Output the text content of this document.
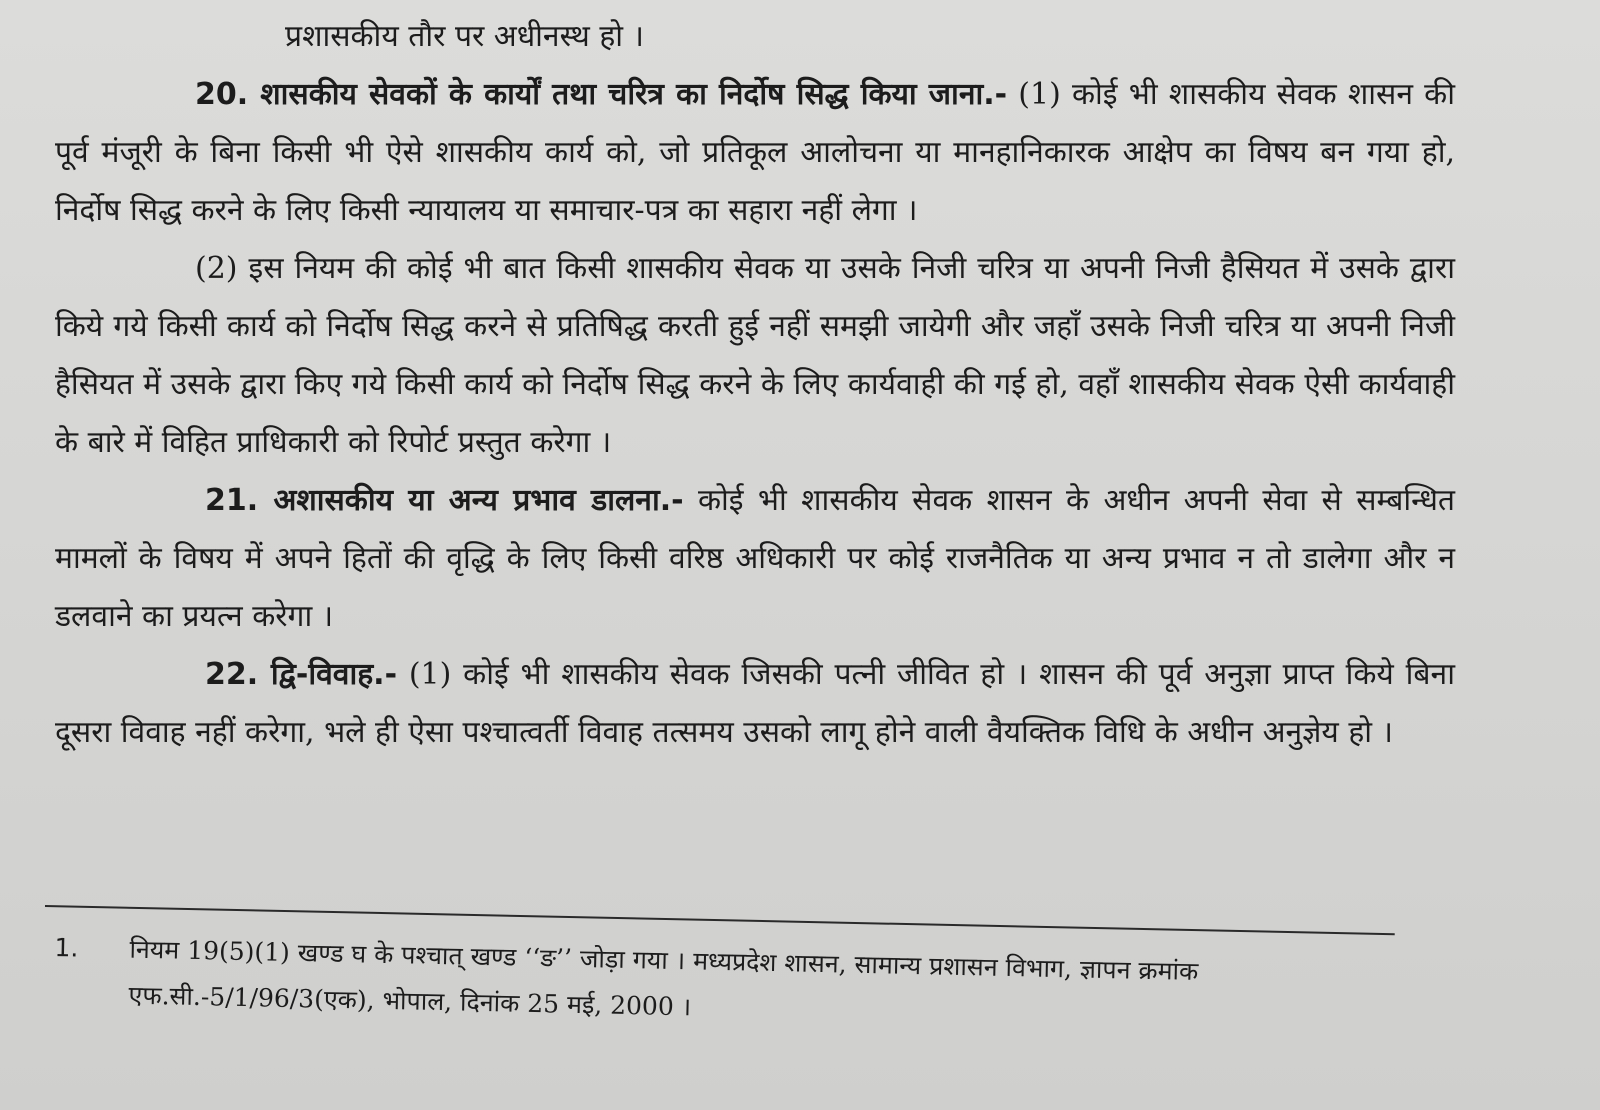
प्रशासकीय तौर पर अधीनस्थ हो ।

20. शासकीय सेवकों के कार्यों तथा चरित्र का निर्दोष सिद्ध किया जाना.- (1) कोई भी शासकीय सेवक शासन की पूर्व मंजूरी के बिना किसी भी ऐसे शासकीय कार्य को, जो प्रतिकूल आलोचना या मानहानिकारक आक्षेप का विषय बन गया हो, निर्दोष सिद्ध करने के लिए किसी न्यायालय या समाचार-पत्र का सहारा नहीं लेगा ।

(2) इस नियम की कोई भी बात किसी शासकीय सेवक या उसके निजी चरित्र या अपनी निजी हैसियत में उसके द्वारा किये गये किसी कार्य को निर्दोष सिद्ध करने से प्रतिषिद्ध करती हुई नहीं समझी जायेगी और जहाँ उसके निजी चरित्र या अपनी निजी हैसियत में उसके द्वारा किए गये किसी कार्य को निर्दोष सिद्ध करने के लिए कार्यवाही की गई हो, वहाँ शासकीय सेवक ऐसी कार्यवाही के बारे में विहित प्राधिकारी को रिपोर्ट प्रस्तुत करेगा ।

21. अशासकीय या अन्य प्रभाव डालना.- कोई भी शासकीय सेवक शासन के अधीन अपनी सेवा से सम्बन्धित मामलों के विषय में अपने हितों की वृद्धि के लिए किसी वरिष्ठ अधिकारी पर कोई राजनैतिक या अन्य प्रभाव न तो डालेगा और न डलवाने का प्रयत्न करेगा ।

22. द्वि-विवाह.- (1) कोई भी शासकीय सेवक जिसकी पत्नी जीवित हो । शासन की पूर्व अनुज्ञा प्राप्त किये बिना दूसरा विवाह नहीं करेगा, भले ही ऐसा पश्चात्वर्ती विवाह तत्समय उसको लागू होने वाली वैयक्तिक विधि के अधीन अनुज्ञेय हो ।

1. नियम 19(5)(1) खण्ड घ के पश्चात् खण्ड ‘‘ङ’’ जोड़ा गया । मध्यप्रदेश शासन, सामान्य प्रशासन विभाग, ज्ञापन क्रमांक

एफ.सी.-5/1/96/3(एक), भोपाल, दिनांक 25 मई, 2000 ।
